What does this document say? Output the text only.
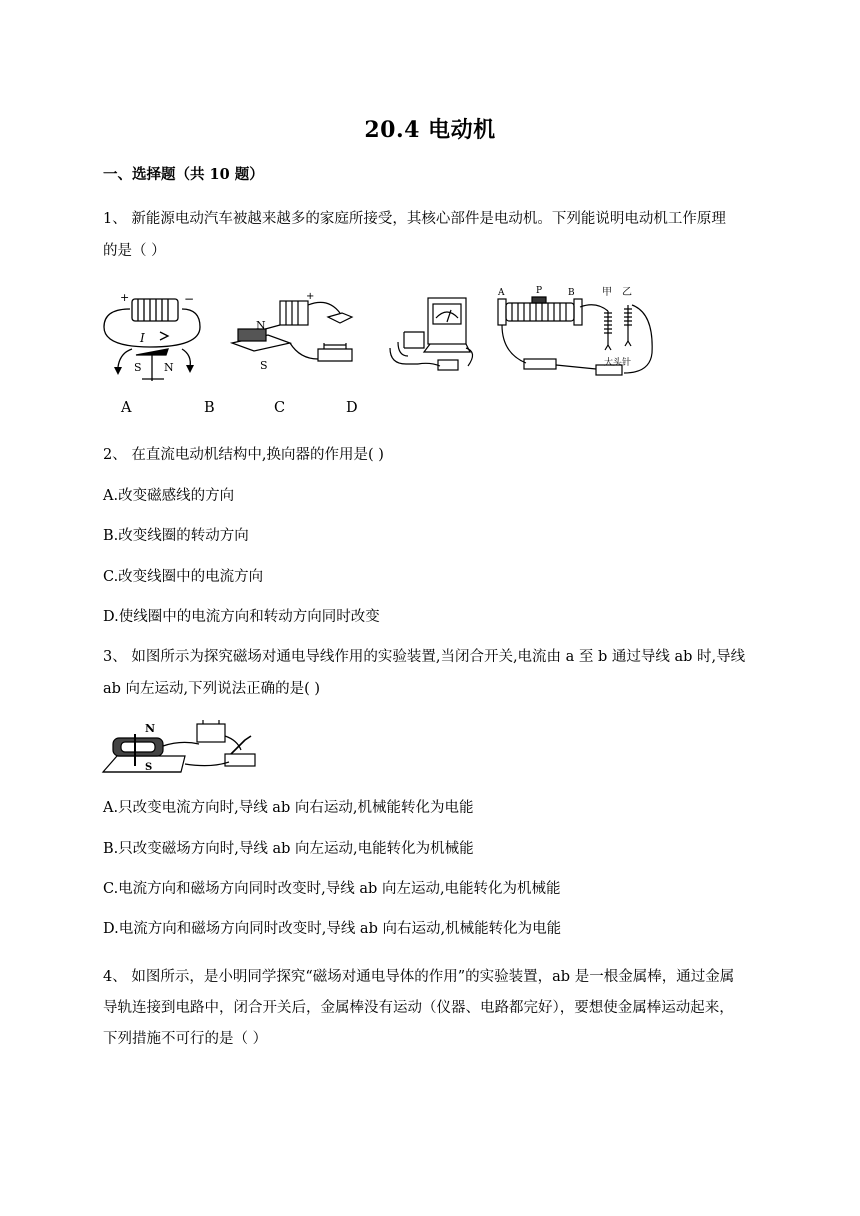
20.4 电动机
一、选择题（共 10 题）
1、 新能源电动汽车被越来越多的家庭所接受，其核心部件是电动机。下列能说明电动机工作原理
的是（ ）
+	−
I
S N
N
S
+	A	P	B	甲 乙
大头针
A	B	C	D
2、 在直流电动机结构中,换向器的作用是( )
A.改变磁感线的方向
B.改变线圈的转动方向
C.改变线圈中的电流方向
D.使线圈中的电流方向和转动方向同时改变
3、 如图所示为探究磁场对通电导线作用的实验装置,当闭合开关,电流由 a 至 b 通过导线 ab 时,导线
ab 向左运动,下列说法正确的是( )
N
S
A.只改变电流方向时,导线 ab 向右运动,机械能转化为电能
B.只改变磁场方向时,导线 ab 向左运动,电能转化为机械能
C.电流方向和磁场方向同时改变时,导线 ab 向左运动,电能转化为机械能
D.电流方向和磁场方向同时改变时,导线 ab 向右运动,机械能转化为电能
4、 如图所示，是小明同学探究“磁场对通电导体的作用”的实验装置，ab 是一根金属棒，通过金属
导轨连接到电路中，闭合开关后，金属棒没有运动（仪器、电路都完好），要想使金属棒运动起来，
下列措施不可行的是（ ）
